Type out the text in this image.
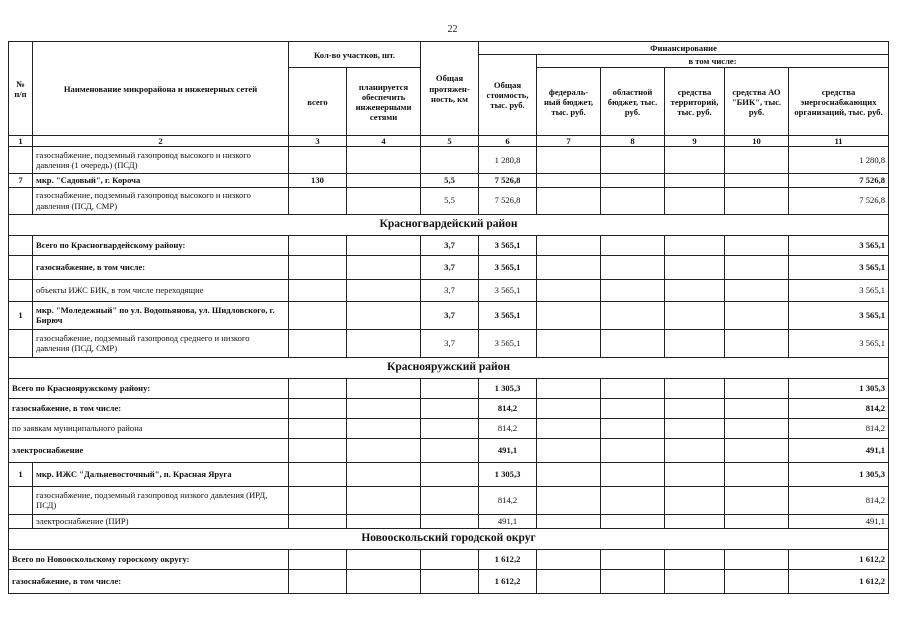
22
№ п/п	Наименование микрорайона и инженерных сетей	Кол-во участков, шт.		Общая протяжен- ность, км	Финансирование					
					Общая стоимость, тыс. руб.	в том числе:				
		всего	планируется обеспечить инженерными сетями			федераль- ный бюджет, тыс. руб.	областной бюджет, тыс. руб.	средства территорий, тыс. руб.	средства АО "БИК", тыс. руб.	средства энергоснабжающих организаций, тыс. руб.
1	2	3	4	5	6	7	8	9	10	11
	газоснабжение, подземный газопровод высокого и низкого давления (1 очередь) (ПСД)				1 280,8					1 280,8
7	мкр. "Садовый", г. Короча	130		5,5	7 526,8					7 526,8
	газоснабжение, подземный газопровод высокого и низкого давления (ПСД, СМР)			5,5	7 526,8					7 526,8
Красногвардейский район										
	Всего по Красногвардейскому району:			3,7	3 565,1					3 565,1
	газоснабжение, в том числе:			3,7	3 565,1					3 565,1
	объекты ИЖС БИК, в том числе переходящие			3,7	3 565,1					3 565,1
1	мкр. "Моледежный" по ул. Водопьянова, ул. Шидловского, г. Бирюч			3,7	3 565,1					3 565,1
	газоснабжение, подземный газопровод среднего и низкого давления (ПСД, СМР)			3,7	3 565,1					3 565,1
Краснояружский район										
Всего по Краснояружскому району:					1 305,3					1 305,3
газоснабжение, в том числе:					814,2					814,2
по заявкам муниципального района					814,2					814,2
электроснабжение					491,1					491,1
1	мкр. ИЖС "Дальневосточный", п. Красная Яруга				1 305,3					1 305,3
	газоснабжение, подземный газопровод низкого давления (ИРД, ПСД)				814,2					814,2
	электроснабжение (ПИР)				491,1					491,1
Новооскольский городской округ										
Всего по Новооскольскому гороскому округу:					1 612,2					1 612,2
газоснабжение, в том числе:					1 612,2					1 612,2
